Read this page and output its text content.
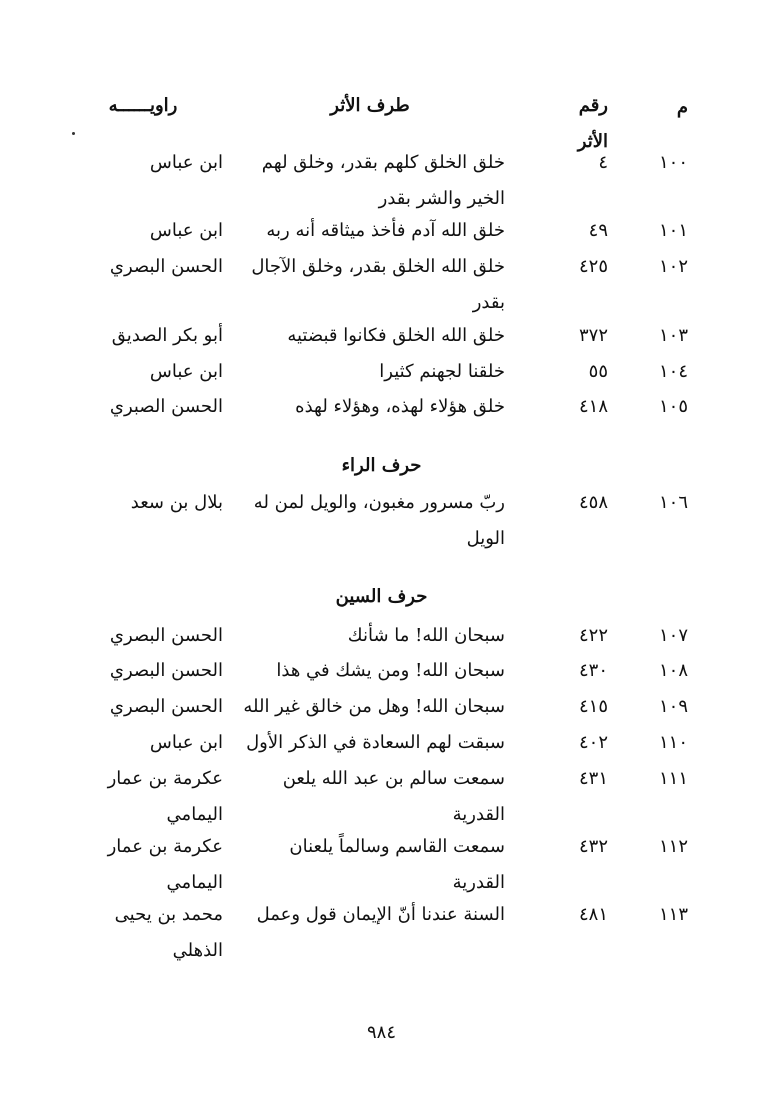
م
رقم الأثر
طرف الأثر
راويــــــه
١٠٠
٤
خلق الخلق كلهم بقدر، وخلق لهم الخير والشر بقدر
ابن عباس
١٠١
٤٩
خلق الله آدم فأخذ ميثاقه أنه ربه
ابن عباس
١٠٢
٤٢٥
خلق الله الخلق بقدر، وخلق الآجال بقدر
الحسن البصري
١٠٣
٣٧٢
خلق الله الخلق فكانوا قبضتيه
أبو بكر الصديق
١٠٤
٥٥
خلقنا لجهنم كثيرا
ابن عباس
١٠٥
٤١٨
خلق هؤلاء لهذه، وهؤلاء لهذه
الحسن الصبري
حرف الراء
١٠٦
٤٥٨
ربّ مسرور مغبون، والويل لمن له الويل
بلال بن سعد
حرف السين
١٠٧
٤٢٢
سبحان الله! ما شأنك
الحسن البصري
١٠٨
٤٣٠
سبحان الله! ومن يشك في هذا
الحسن البصري
١٠٩
٤١٥
سبحان الله! وهل من خالق غير الله
الحسن البصري
١١٠
٤٠٢
سبقت لهم السعادة في الذكر الأول
ابن عباس
١١١
٤٣١
سمعت سالم بن عبد الله يلعن القدرية
عكرمة بن عمار اليمامي
١١٢
٤٣٢
سمعت القاسم وسالماً يلعنان القدرية
عكرمة بن عمار اليمامي
١١٣
٤٨١
السنة عندنا أنّ الإيمان قول وعمل
محمد بن يحيى الذهلي
٩٨٤
